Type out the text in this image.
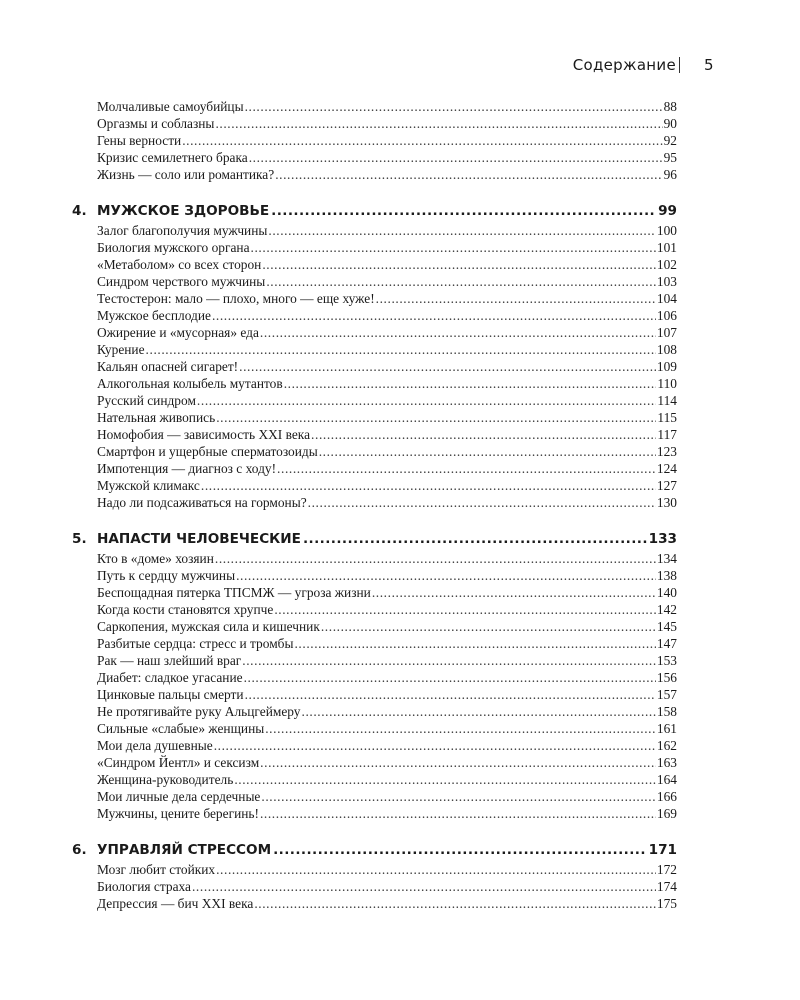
Содержание 5
Молчаливые самоубийцы .....	88
Оргазмы и соблазны .....	90
Гены верности .....	92
Кризис семилетнего брака .....	95
Жизнь — соло или романтика? .....	96
4. МУЖСКОЕ ЗДОРОВЬЕ .....	99
Залог благополучия мужчины .....	100
Биология мужского органа .....	101
«Метаболом» со всех сторон .....	102
Синдром черствого мужчины .....	103
Тестостерон: мало — плохо, много — еще хуже! .....	104
Мужское бесплодие .....	106
Ожирение и «мусорная» еда .....	107
Курение .....	108
Кальян опасней сигарет! .....	109
Алкогольная колыбель мутантов .....	110
Русский синдром .....	114
Нательная живопись .....	115
Номофобия — зависимость XXI века .....	117
Смартфон и ущербные сперматозоиды .....	123
Импотенция — диагноз с ходу! .....	124
Мужской климакс .....	127
Надо ли подсаживаться на гормоны? .....	130
5. НАПАСТИ ЧЕЛОВЕЧЕСКИЕ .....	133
Кто в «доме» хозяин .....	134
Путь к сердцу мужчины .....	138
Беспощадная пятерка ТПСМЖ — угроза жизни .....	140
Когда кости становятся хрупче .....	142
Саркопения, мужская сила и кишечник .....	145
Разбитые сердца: стресс и тромбы .....	147
Рак — наш злейший враг .....	153
Диабет: сладкое угасание .....	156
Цинковые пальцы смерти .....	157
Не протягивайте руку Альцгеймеру .....	158
Сильные «слабые» женщины .....	161
Мои дела душевные .....	162
«Синдром Йентл» и сексизм .....	163
Женщина-руководитель .....	164
Мои личные дела сердечные .....	166
Мужчины, цените берегинь! .....	169
6. УПРАВЛЯЙ СТРЕССОМ .....	171
Мозг любит стойких .....	172
Биология страха .....	174
Депрессия — бич XXI века .....	175
